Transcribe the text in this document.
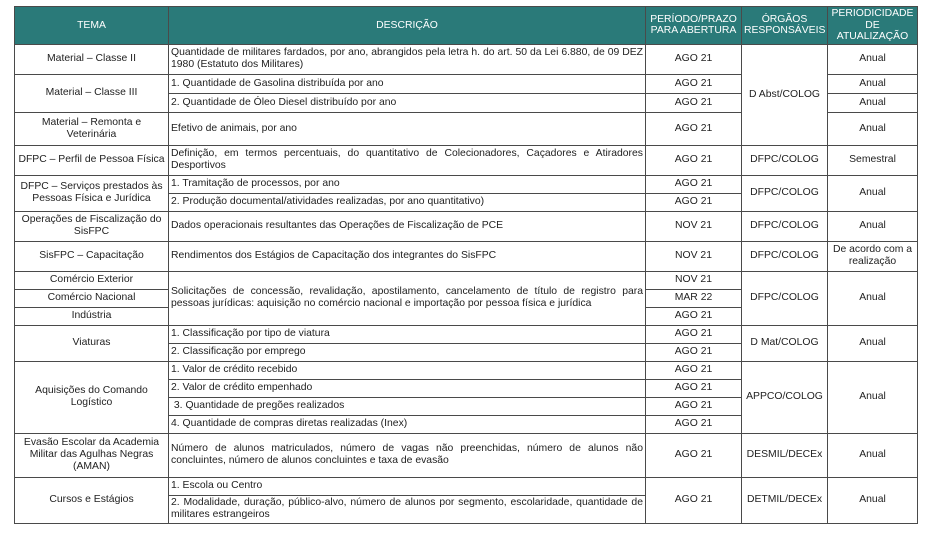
TEMA	DESCRIÇÃO	PERÍODO/PRAZO PARA ABERTURA	ÓRGÃOS RESPONSÁVEIS	PERIODICIDADE DE ATUALIZAÇÃO
Material – Classe II	Quantidade de militares fardados, por ano, abrangidos pela letra h. do art. 50 da Lei 6.880, de 09 DEZ 1980 (Estatuto dos Militares)	AGO 21	D Abst/COLOG	Anual
Material – Classe III	1. Quantidade de Gasolina distribuída por ano	AGO 21		Anual
	2. Quantidade de Óleo Diesel distribuído por ano	AGO 21		Anual
Material – Remonta e Veterinária	Efetivo de animais, por ano	AGO 21		Anual
DFPC – Perfil de Pessoa Física	Definição, em termos percentuais, do quantitativo de Colecionadores, Caçadores e Atiradores Desportivos	AGO 21	DFPC/COLOG	Semestral
DFPC – Serviços prestados às Pessoas Física e Jurídica	1. Tramitação de processos, por ano	AGO 21	DFPC/COLOG	Anual
	2. Produção documental/atividades realizadas, por ano quantitativo)	AGO 21		
Operações de Fiscalização do SisFPC	Dados operacionais resultantes das Operações de Fiscalização de PCE	NOV 21	DFPC/COLOG	Anual
SisFPC – Capacitação	Rendimentos dos Estágios de Capacitação dos integrantes do SisFPC	NOV 21	DFPC/COLOG	De acordo com a realização
Comércio Exterior	Solicitações de concessão, revalidação, apostilamento, cancelamento de título de registro para pessoas jurídicas: aquisição no comércio nacional e importação por pessoa física e jurídica	NOV 21	DFPC/COLOG	Anual
Comércio Nacional		MAR 22		
Indústria		AGO 21		
Viaturas	1. Classificação por tipo de viatura	AGO 21	D Mat/COLOG	Anual
	2. Classificação por emprego	AGO 21		
Aquisições do Comando Logístico	1. Valor de crédito recebido	AGO 21	APPCO/COLOG	Anual
	2. Valor de crédito empenhado	AGO 21		
	3. Quantidade de pregões realizados	AGO 21		
	4. Quantidade de compras diretas realizadas (Inex)	AGO 21		
Evasão Escolar da Academia Militar das Agulhas Negras (AMAN)	Número de alunos matriculados, número de vagas não preenchidas, número de alunos não concluintes, número de alunos concluintes e taxa de evasão	AGO 21	DESMIL/DECEx	Anual
Cursos e Estágios	1. Escola ou Centro	AGO 21	DETMIL/DECEx	Anual
	2. Modalidade, duração, público-alvo, número de alunos por segmento, escolaridade, quantidade de militares estrangeiros			
